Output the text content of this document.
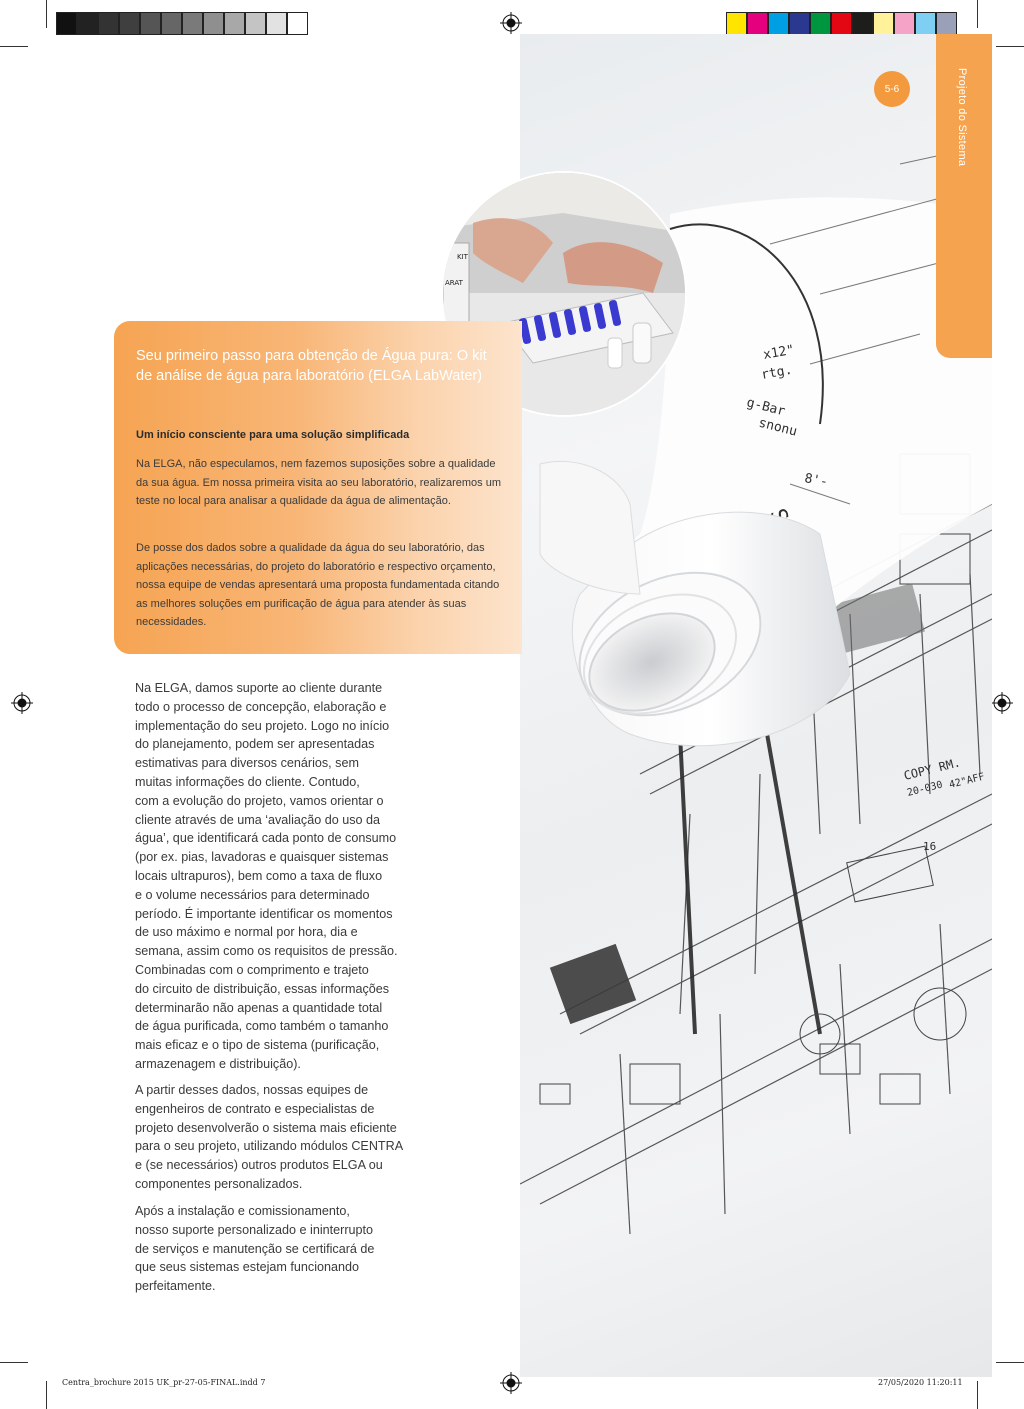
COPY RM.
20-030 42"AFF
16
x12"
rtg.
g-Bar
nuous
8'-
KIT
ARAT
Projeto do Sistema
5-6
Seu primeiro passo para obtenção de Água pura: O kit de análise de água para laboratório (ELGA LabWater)
Um início consciente para uma solução simplificada
Na ELGA, não especulamos, nem fazemos suposições sobre a qualidade da sua água. Em nossa primeira visita ao seu laboratório, realizaremos um teste no local para analisar a qualidade da água de alimentação.
De posse dos dados sobre a qualidade da água do seu laboratório, das aplicações necessárias, do projeto do laboratório e respectivo orçamento, nossa equipe de vendas apresentará uma proposta fundamentada citando as melhores soluções em purificação de água para atender às suas necessidades.
Na ELGA, damos suporte ao cliente durante
todo o processo de concepção, elaboração e
implementação do seu projeto. Logo no início
do planejamento, podem ser apresentadas
estimativas para diversos cenários, sem
muitas informações do cliente. Contudo,
com a evolução do projeto, vamos orientar o
cliente através de uma ‘avaliação do uso da
água’, que identificará cada ponto de consumo
(por ex. pias, lavadoras e quaisquer sistemas
locais ultrapuros), bem como a taxa de fluxo
e o volume necessários para determinado
período. É importante identificar os momentos
de uso máximo e normal por hora, dia e
semana, assim como os requisitos de pressão.
Combinadas com o comprimento e trajeto
do circuito de distribuição, essas informações
determinarão não apenas a quantidade total
de água purificada, como também o tamanho
mais eficaz e o tipo de sistema (purificação,
armazenagem e distribuição).
A partir desses dados, nossas equipes de
engenheiros de contrato e especialistas de
projeto desenvolverão o sistema mais eficiente
para o seu projeto, utilizando módulos CENTRA
e (se necessários) outros produtos ELGA ou
componentes personalizados.
Após a instalação e comissionamento,
nosso suporte personalizado e ininterrupto
de serviços e manutenção se certificará de
que seus sistemas estejam funcionando
perfeitamente.
Centra_brochure 2015 UK_pr-27-05-FINAL.indd 7	27/05/2020 11:20:11
